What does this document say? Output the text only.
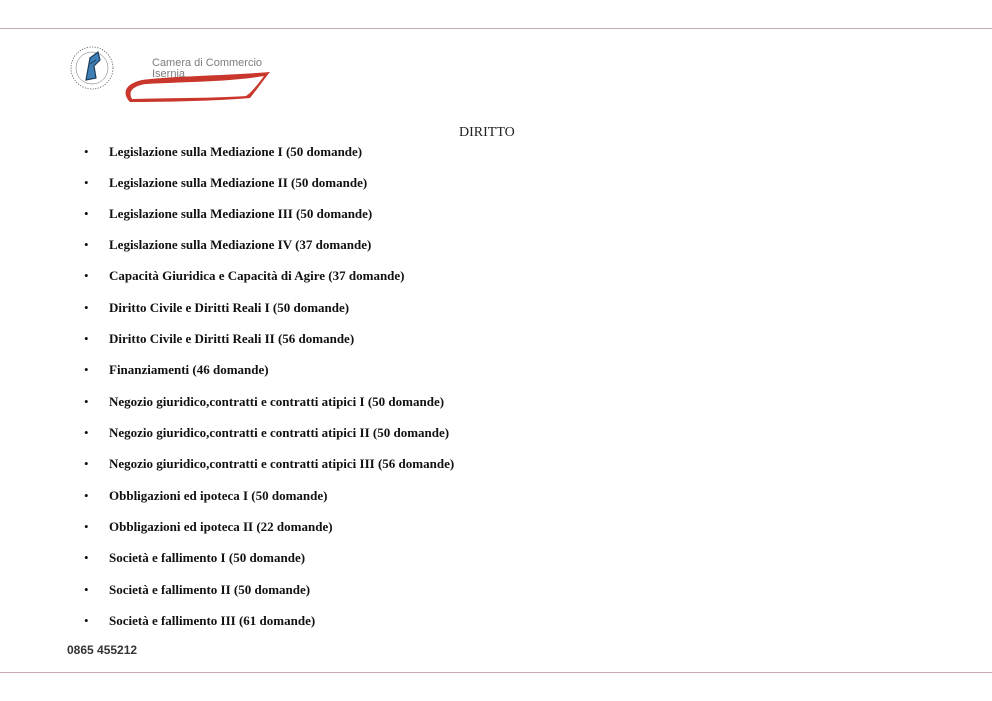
Camera di Commercio
Isernia
DIRITTO
• Legislazione sulla Mediazione I (50 domande)
• Legislazione sulla Mediazione II (50 domande)
• Legislazione sulla Mediazione III (50 domande)
• Legislazione sulla Mediazione IV (37 domande)
• Capacità Giuridica e Capacità di Agire (37 domande)
• Diritto Civile e Diritti Reali I (50 domande)
• Diritto Civile e Diritti Reali II (56 domande)
• Finanziamenti (46 domande)
• Negozio giuridico,contratti e contratti atipici I (50 domande)
• Negozio giuridico,contratti e contratti atipici II (50 domande)
• Negozio giuridico,contratti e contratti atipici III (56 domande)
• Obbligazioni ed ipoteca I (50 domande)
• Obbligazioni ed ipoteca II (22 domande)
• Società e fallimento I (50 domande)
• Società e fallimento II (50 domande)
• Società e fallimento III (61 domande)
0865 455212
